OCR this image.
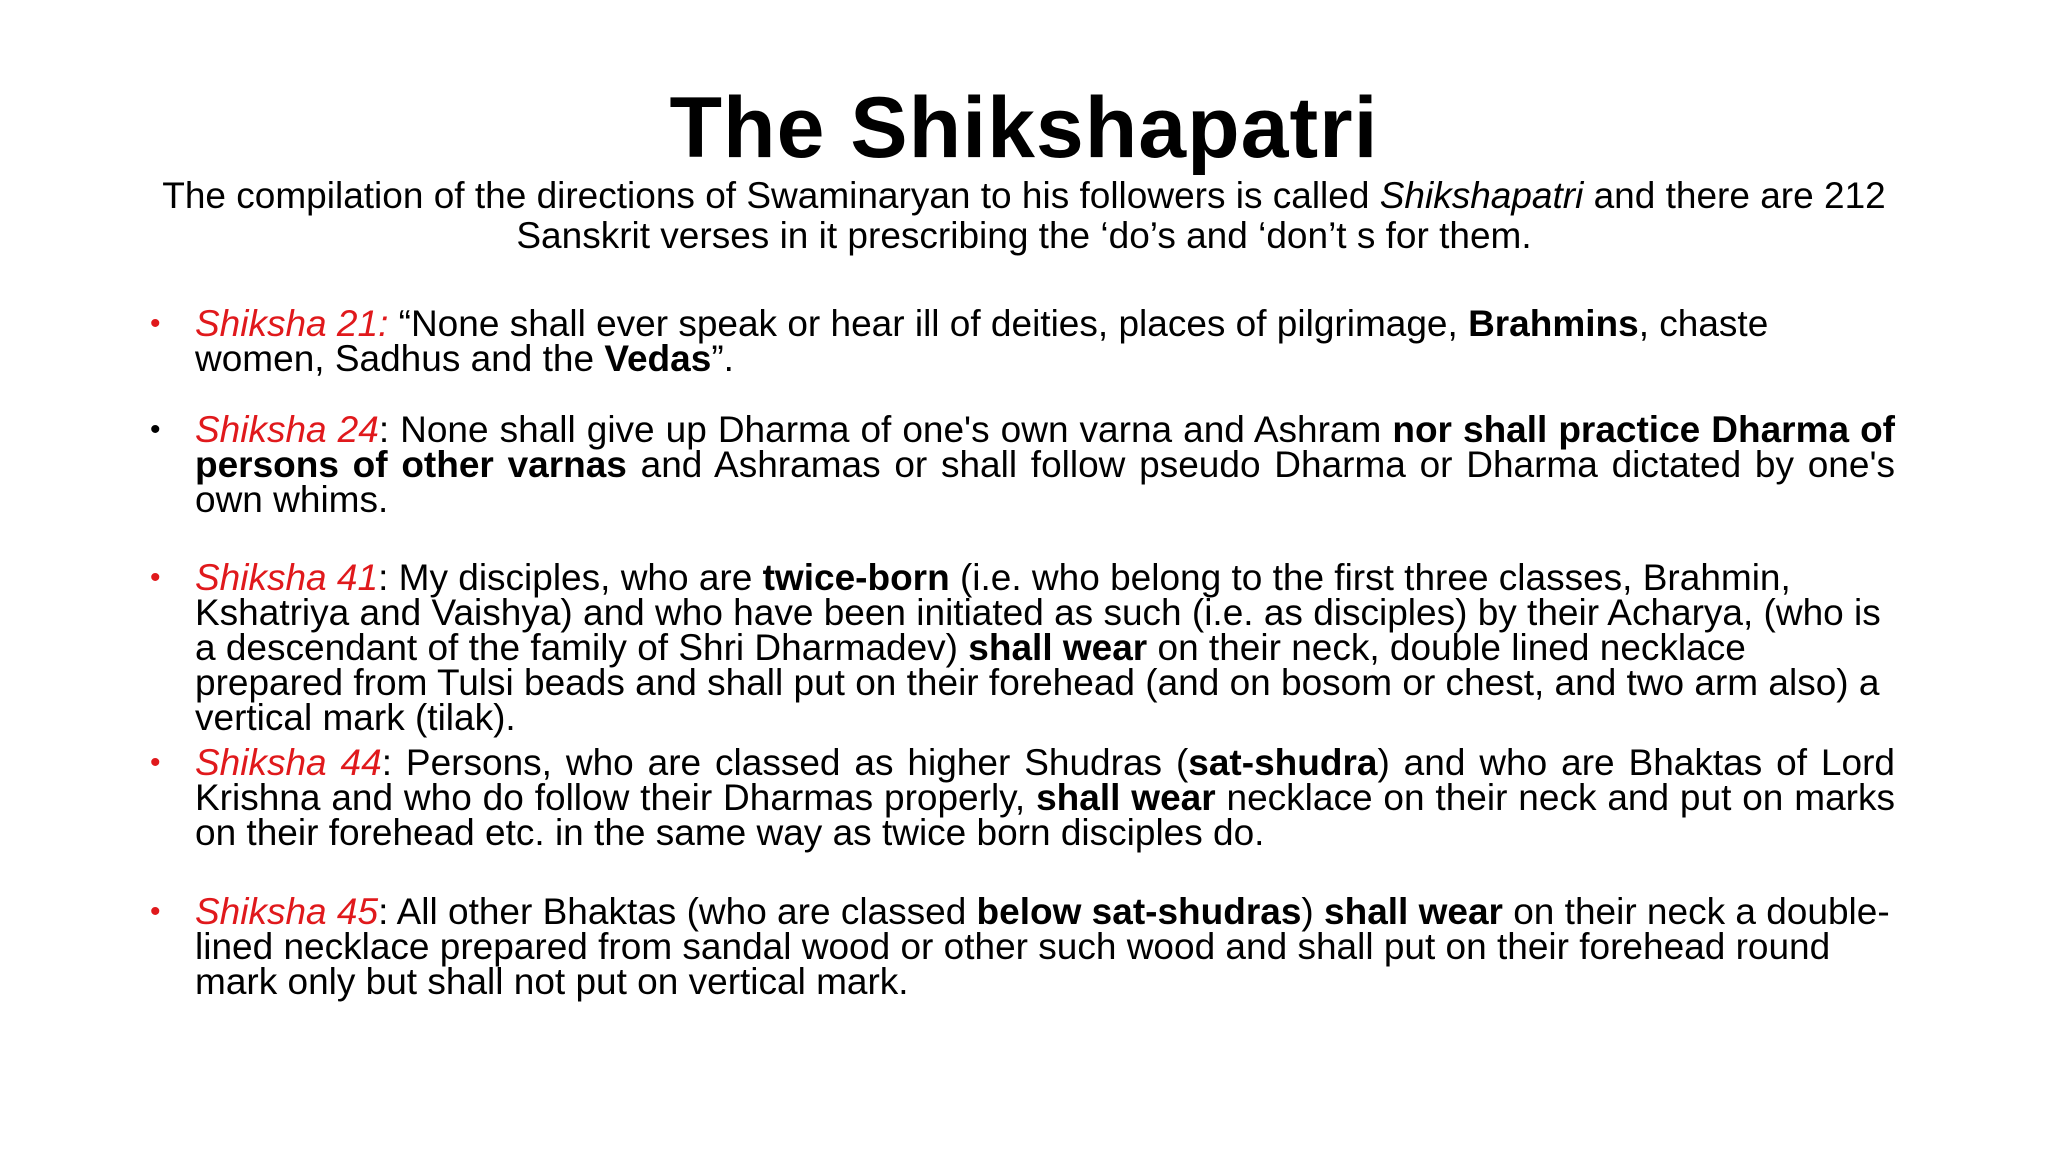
The Shikshapatri
The compilation of the directions of Swaminaryan to his followers is called Shikshapatri and there are 212 Sanskrit verses in it prescribing the ‘do’s and ‘don’t s for them.
• Shiksha 21: “None shall ever speak or hear ill of deities, places of pilgrimage, Brahmins, chaste women, Sadhus and the Vedas”.
• Shiksha 24: None shall give up Dharma of one's own varna and Ashram nor shall practice Dharma of persons of other varnas and Ashramas or shall follow pseudo Dharma or Dharma dictated by one's own whims.
• Shiksha 41: My disciples, who are twice-born (i.e. who belong to the first three classes, Brahmin, Kshatriya and Vaishya) and who have been initiated as such (i.e. as disciples) by their Acharya, (who is a descendant of the family of Shri Dharmadev) shall wear on their neck, double lined necklace prepared from Tulsi beads and shall put on their forehead (and on bosom or chest, and two arm also) a vertical mark (tilak).
• Shiksha 44: Persons, who are classed as higher Shudras (sat-shudra) and who are Bhaktas of Lord Krishna and who do follow their Dharmas properly, shall wear necklace on their neck and put on marks on their forehead etc. in the same way as twice born disciples do.
• Shiksha 45: All other Bhaktas (who are classed below sat-shudras) shall wear on their neck a double-lined necklace prepared from sandal wood or other such wood and shall put on their forehead round mark only but shall not put on vertical mark.
